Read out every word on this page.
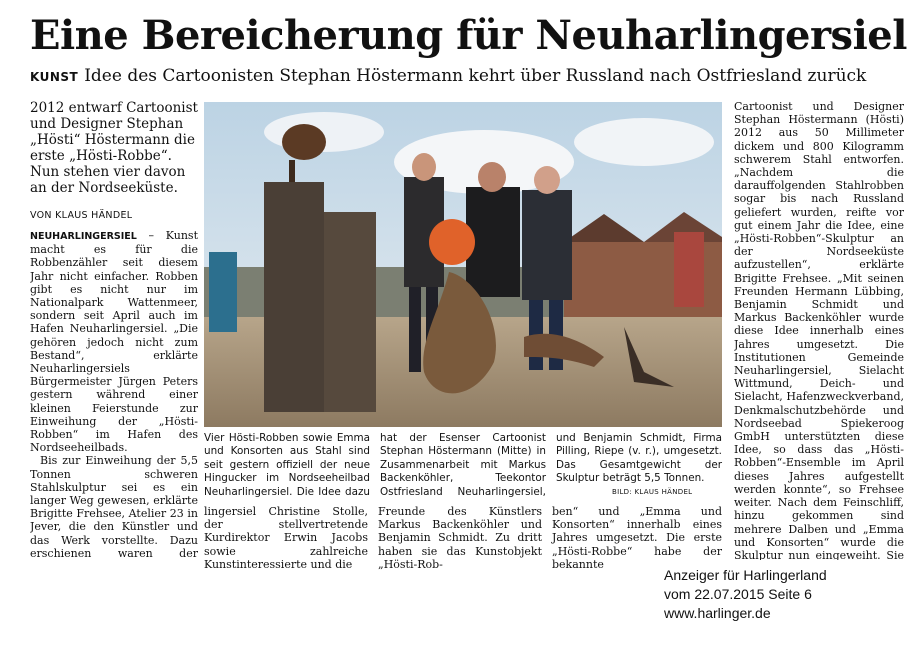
Eine Bereicherung für Neuharlingersiel
KUNST Idee des Cartoonisten Stephan Höstermann kehrt über Russland nach Ostfriesland zurück
2012 entwarf Cartoonist und Designer Stephan „Hösti“ Höstermann die erste „Hösti-Robbe“. Nun stehen vier davon an der Nordseeküste.
VON KLAUS HÄNDEL

NEUHARLINGERSIEL – Kunst macht es für die Robbenzähler seit diesem Jahr nicht einfacher. Robben gibt es nicht nur im Nationalpark Wattenmeer, sondern seit April auch im Hafen Neuharlingersiel. „Die gehören jedoch nicht zum Bestand“, erklärte Neuharlingersiels Bürgermeister Jürgen Peters gestern während einer kleinen Feierstunde zur Einweihung der „Hösti-Robben“ im Hafen des Nordseeheilbads.

Bis zur Einweihung der 5,5 Tonnen schweren Stahlskulptur sei es ein langer Weg gewesen, erklärte Brigitte Frehsee, Atelier 23 in Jever, die den Künstler und das Werk vorstellte. Dazu erschienen waren der

Vier Hösti-Robben sowie Emma und Konsorten aus Stahl sind seit gestern offiziell der neue Hingucker im Nordseeheilbad Neuharlingersiel. Die Idee dazu hat der Esenser Cartoonist Stephan Höstermann (Mitte) in Zusammenarbeit mit Markus Backenköhler, Teekontor Ostfriesland Neuharlingersiel, und Benjamin Schmidt, Firma Pilling, Riepe (v. r.), umgesetzt. Das Gesamtgewicht der Skulptur beträgt 5,5 Tonnen.

BILD: KLAUS HÄNDEL

lingersiel Christine Stolle, der stellvertretende Kurdirektor Erwin Jacobs sowie zahlreiche Kunstinteressierte und die

Freunde des Künstlers Markus Backenköhler und Benjamin Schmidt. Zu dritt haben sie das Kunstobjekt „Hösti-Rob-

ben“ und „Emma und Konsorten“ innerhalb eines Jahres umgesetzt. Die erste „Hösti-Robbe“ habe der bekannte

Cartoonist und Designer Stephan Höstermann (Hösti) 2012 aus 50 Millimeter dickem und 800 Kilogramm schwerem Stahl entworfen. „Nachdem die darauffolgenden Stahlrobben sogar bis nach Russland geliefert wurden, reifte vor gut einem Jahr die Idee, eine „Hösti-Robben“-Skulptur an der Nordseeküste aufzustellen“, erklärte Brigitte Frehsee. „Mit seinen Freunden Hermann Lübbing, Benjamin Schmidt und Markus Backenköhler wurde diese Idee innerhalb eines Jahres umgesetzt. Die Institutionen Gemeinde Neuharlingersiel, Sielacht Wittmund, Deich- und Sielacht, Hafenzweckverband, Denkmalschutzbehörde und Nordseebad Spiekeroog GmbH unterstützten diese Idee, so dass das „Hösti-Robben“-Ensemble im April dieses Jahres aufgestellt werden konnte“, so Frehsee weiter. Nach dem Feinschliff, hinzu gekommen sind mehrere Dalben und „Emma und Konsorten“ wurde die Skulptur nun eingeweiht. Sie

Anzeiger für Harlingerland
vom 22.07.2015 Seite 6
www.harlinger.de
